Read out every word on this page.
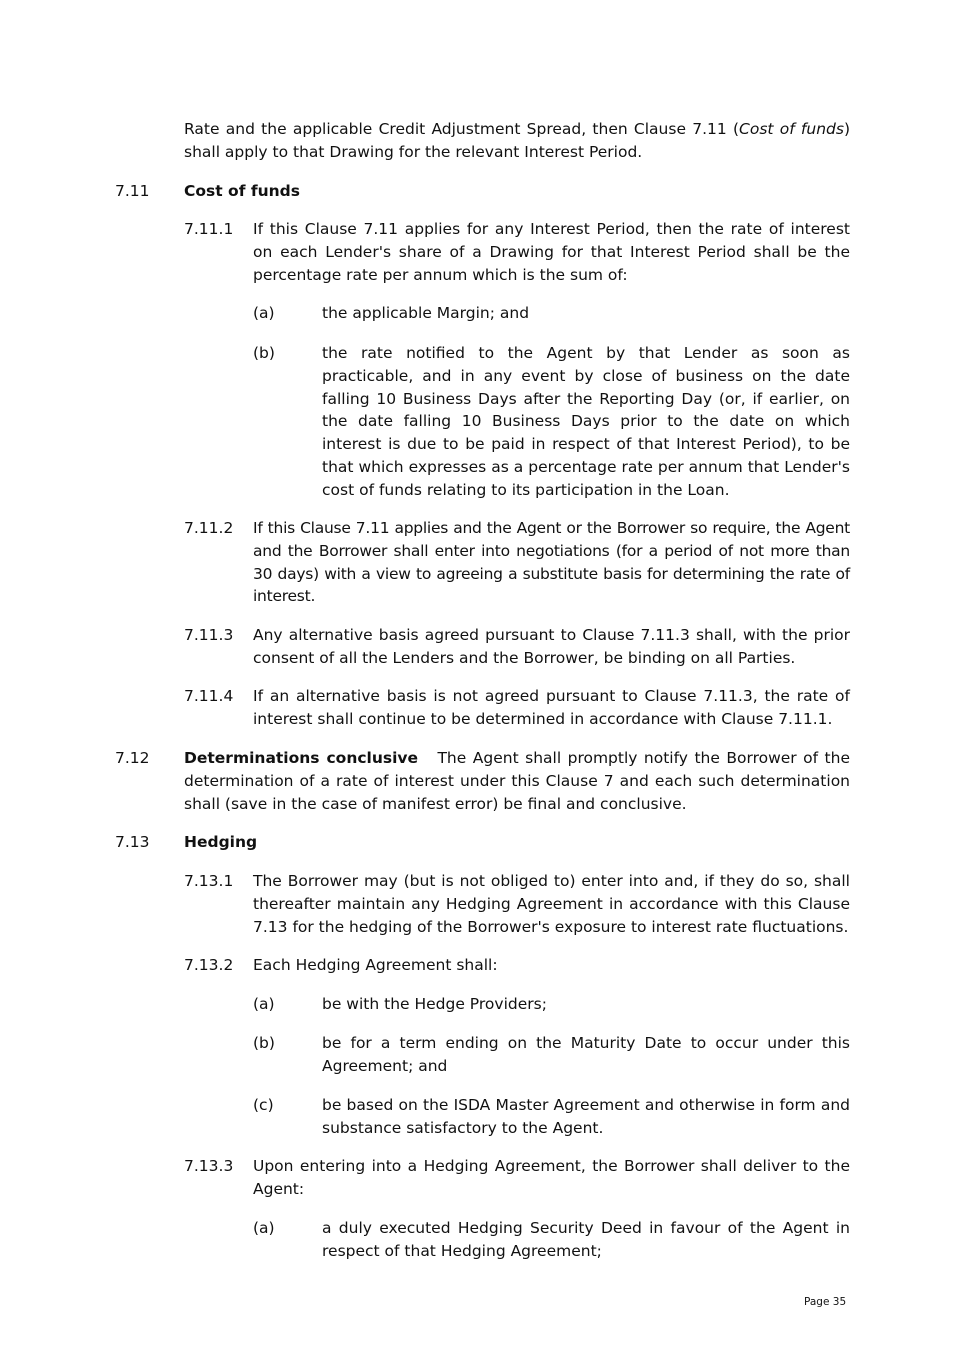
Rate and the applicable Credit Adjustment Spread, then Clause 7.11 (Cost of funds) shall apply to that Drawing for the relevant Interest Period.

7.11 Cost of funds
7.11.1 If this Clause 7.11 applies for any Interest Period, then the rate of interest on each Lender's share of a Drawing for that Interest Period shall be the percentage rate per annum which is the sum of:

(a)	the applicable Margin; and

(b)	the rate notified to the Agent by that Lender as soon as practicable, and in any event by close of business on the date falling 10 Business Days after the Reporting Day (or, if earlier, on the date falling 10 Business Days prior to the date on which interest is due to be paid in respect of that Interest Period), to be that which expresses as a percentage rate per annum that Lender's cost of funds relating to its participation in the Loan.

7.11.2 If this Clause 7.11 applies and the Agent or the Borrower so require, the Agent and the Borrower shall enter into negotiations (for a period of not more than 30 days) with a view to agreeing a substitute basis for determining the rate of interest.

7.11.3 Any alternative basis agreed pursuant to Clause 7.11.3 shall, with the prior consent of all the Lenders and the Borrower, be binding on all Parties.

7.11.4 If an alternative basis is not agreed pursuant to Clause 7.11.3, the rate of interest shall continue to be determined in accordance with Clause 7.11.1.

7.12 Determinations conclusive The Agent shall promptly notify the Borrower of the determination of a rate of interest under this Clause 7 and each such determination shall (save in the case of manifest error) be final and conclusive.

7.13 Hedging
7.13.1 The Borrower may (but is not obliged to) enter into and, if they do so, shall thereafter maintain any Hedging Agreement in accordance with this Clause 7.13 for the hedging of the Borrower's exposure to interest rate fluctuations.

7.13.2 Each Hedging Agreement shall:

(a)	be with the Hedge Providers;

(b)	be for a term ending on the Maturity Date to occur under this Agreement; and

(c)	be based on the ISDA Master Agreement and otherwise in form and substance satisfactory to the Agent.

7.13.3 Upon entering into a Hedging Agreement, the Borrower shall deliver to the Agent:

(a)	a duly executed Hedging Security Deed in favour of the Agent in respect of that Hedging Agreement;

Page 35
